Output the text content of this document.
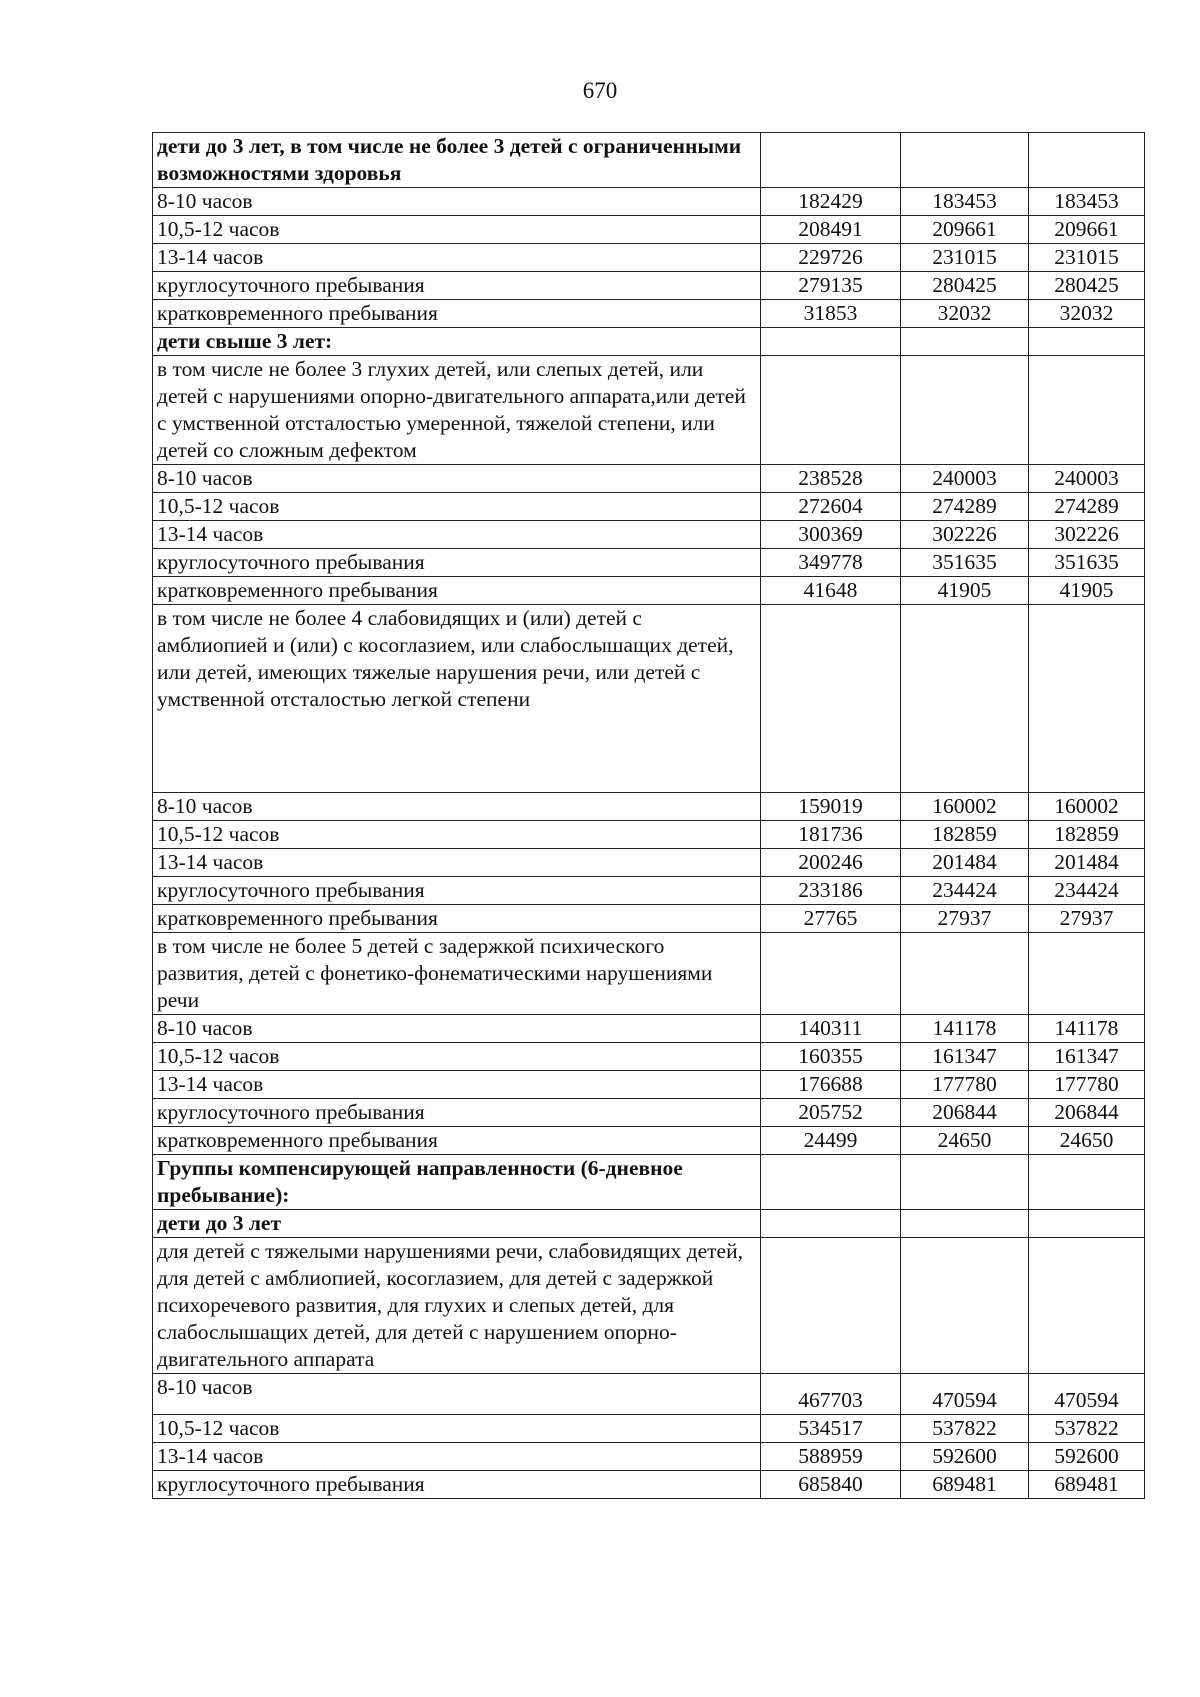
670
дети до 3 лет, в том числе не более 3 детей с ограниченными возможностями здоровья			
8-10 часов	182429	183453	183453
10,5-12 часов	208491	209661	209661
13-14 часов	229726	231015	231015
круглосуточного пребывания	279135	280425	280425
кратковременного пребывания	31853	32032	32032
дети свыше 3 лет:			
в том числе не более 3 глухих детей, или слепых детей, или детей с нарушениями опорно-двигательного аппарата,или детей с умственной отсталостью умеренной, тяжелой степени, или детей со сложным дефектом			
8-10 часов	238528	240003	240003
10,5-12 часов	272604	274289	274289
13-14 часов	300369	302226	302226
круглосуточного пребывания	349778	351635	351635
кратковременного пребывания	41648	41905	41905
в том числе не более 4 слабовидящих и (или) детей с амблиопией и (или) с косоглазием, или слабослышащих детей, или детей, имеющих тяжелые нарушения речи, или детей с умственной отсталостью легкой степени			
8-10 часов	159019	160002	160002
10,5-12 часов	181736	182859	182859
13-14 часов	200246	201484	201484
круглосуточного пребывания	233186	234424	234424
кратковременного пребывания	27765	27937	27937
в том числе не более 5 детей с задержкой психического развития, детей с фонетико-фонематическими нарушениями речи			
8-10 часов	140311	141178	141178
10,5-12 часов	160355	161347	161347
13-14 часов	176688	177780	177780
круглосуточного пребывания	205752	206844	206844
кратковременного пребывания	24499	24650	24650
Группы компенсирующей направленности (6-дневное пребывание):			
дети до 3 лет			
для детей с тяжелыми нарушениями речи, слабовидящих детей, для детей с амблиопией, косоглазием, для детей с задержкой психоречевого развития, для глухих и слепых детей, для слабослышащих детей, для детей с нарушением опорно-двигательного аппарата			
8-10 часов	467703	470594	470594
10,5-12 часов	534517	537822	537822
13-14 часов	588959	592600	592600
круглосуточного пребывания	685840	689481	689481
